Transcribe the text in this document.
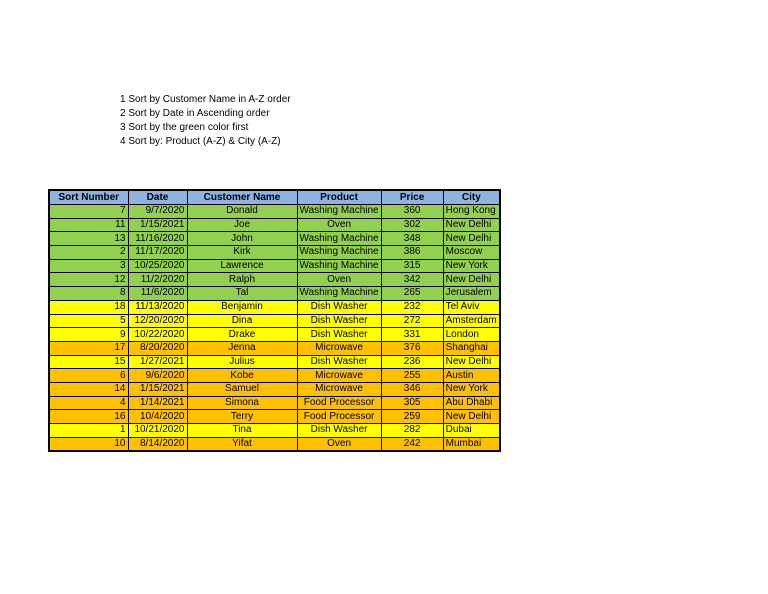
1 Sort by Customer Name in A-Z order
2 Sort by Date in Ascending order
3 Sort by the green color first
4 Sort by: Product (A-Z) & City (A-Z)
Sort Number	Date	Customer Name	Product	Price	City
7	9/7/2020	Donald	Washing Machine	360	Hong Kong
11	1/15/2021	Joe	Oven	302	New Delhi
13	11/16/2020	John	Washing Machine	348	New Delhi
2	11/17/2020	Kirk	Washing Machine	386	Moscow
3	10/25/2020	Lawrence	Washing Machine	315	New York
12	11/2/2020	Ralph	Oven	342	New Delhi
8	11/6/2020	Tal	Washing Machine	265	Jerusalem
18	11/13/2020	Benjamin	Dish Washer	232	Tel Aviv
5	12/20/2020	Dina	Dish Washer	272	Amsterdam
9	10/22/2020	Drake	Dish Washer	331	London
17	8/20/2020	Jenna	Microwave	376	Shanghai
15	1/27/2021	Julius	Dish Washer	236	New Delhi
6	9/6/2020	Kobe	Microwave	255	Austin
14	1/15/2021	Samuel	Microwave	346	New York
4	1/14/2021	Simona	Food Processor	305	Abu Dhabi
16	10/4/2020	Terry	Food Processor	259	New Delhi
1	10/21/2020	Tina	Dish Washer	282	Dubai
10	8/14/2020	Yifat	Oven	242	Mumbai
